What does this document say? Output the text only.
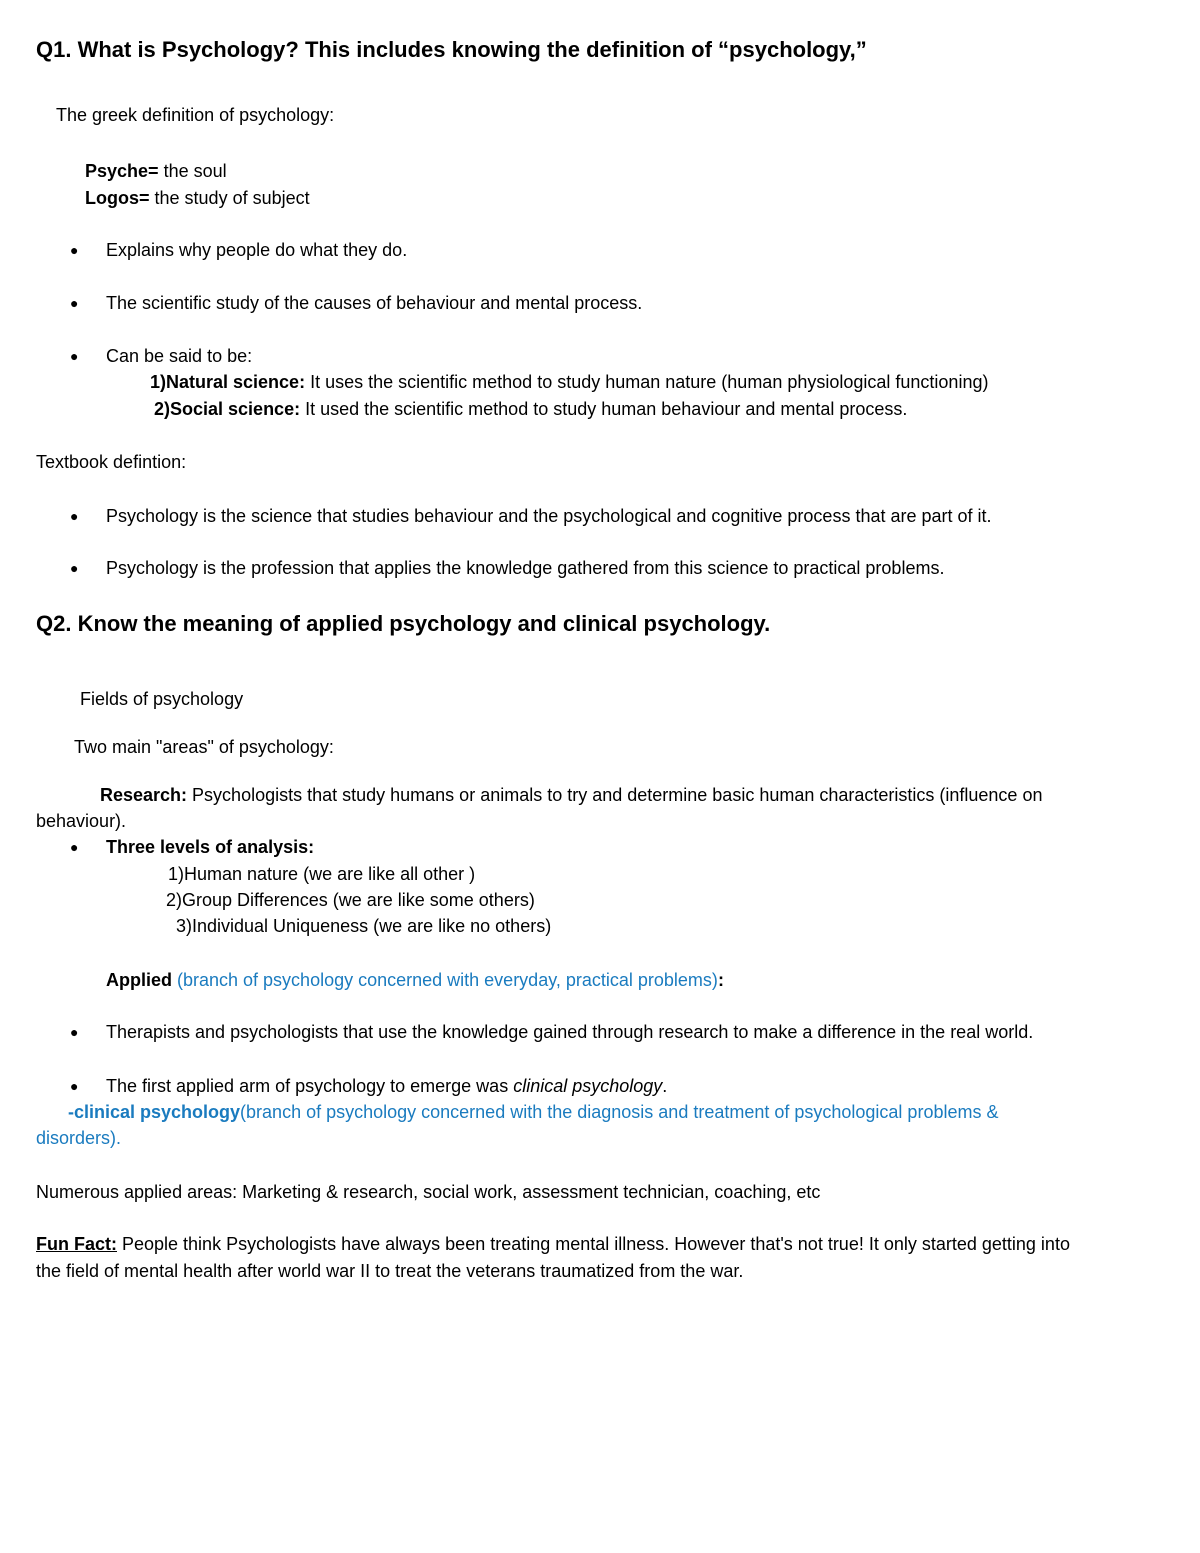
Q1. What is Psychology? This includes knowing the definition of “psychology,”
The greek definition of psychology:
Psyche= the soul
Logos= the study of subject
● Explains why people do what they do.
● The scientific study of the causes of behaviour and mental process.
● Can be said to be:
1)Natural science: It uses the scientific method to study human nature (human physiological functioning)
2)Social science: It used the scientific method to study human behaviour and mental process.
Textbook defintion:
● Psychology is the science that studies behaviour and the psychological and cognitive process that are part of it.
● Psychology is the profession that applies the knowledge gathered from this science to practical problems.
Q2. Know the meaning of applied psychology and clinical psychology.
Fields of psychology
Two main "areas" of psychology:
Research: Psychologists that study humans or animals to try and determine basic human characteristics (influence on
behaviour).
● Three levels of analysis:
1)Human nature (we are like all other )
2)Group Differences (we are like some others)
3)Individual Uniqueness (we are like no others)
Applied (branch of psychology concerned with everyday, practical problems):
● Therapists and psychologists that use the knowledge gained through research to make a difference in the real world.
● The first applied arm of psychology to emerge was clinical psychology.
-clinical psychology(branch of psychology concerned with the diagnosis and treatment of psychological problems &
disorders).
Numerous applied areas: Marketing & research, social work, assessment technician, coaching, etc
Fun Fact: People think Psychologists have always been treating mental illness. However that's not true! It only started getting into
the field of mental health after world war II to treat the veterans traumatized from the war.
